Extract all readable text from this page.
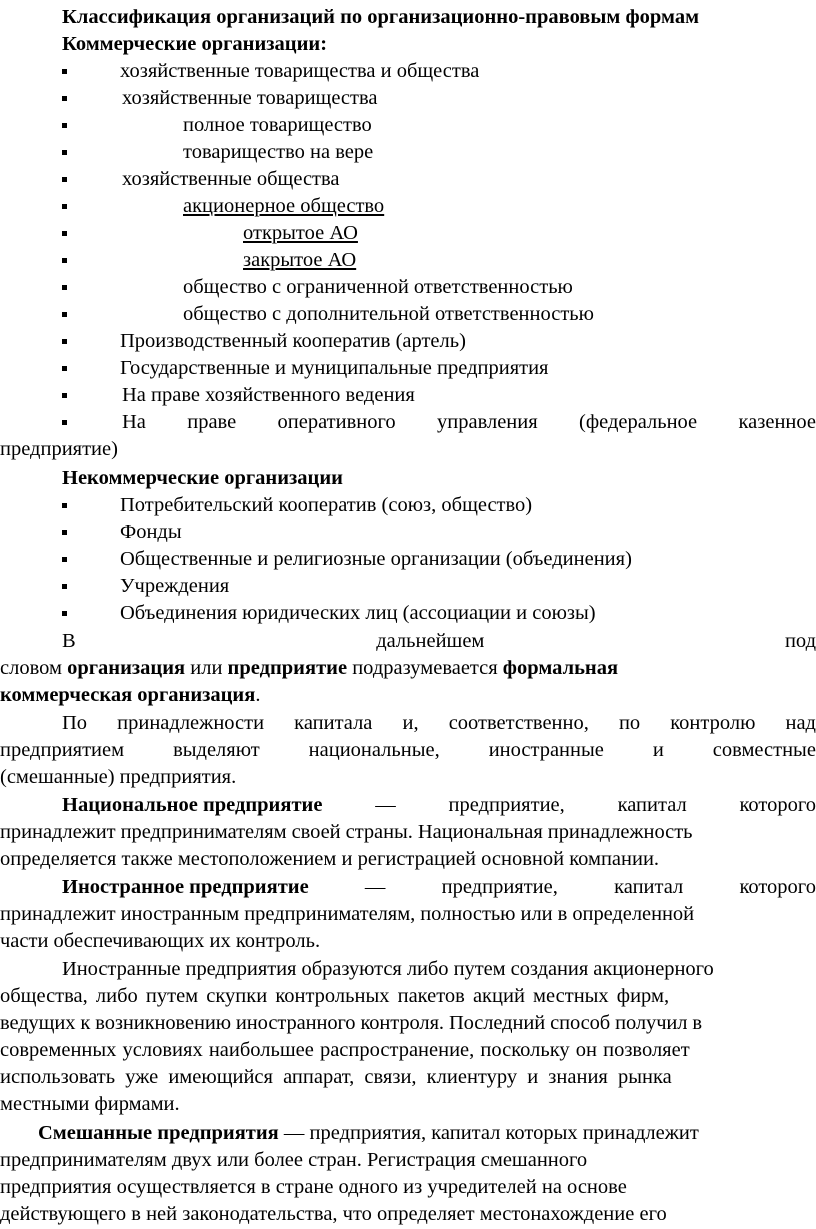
Классификация организаций по организационно-правовым формам
Коммерческие организации:
хозяйственные товарищества и общества
хозяйственные товарищества
полное товарищество
товарищество на вере
хозяйственные общества
акционерное общество
открытое АО
закрытое АО
общество с ограниченной ответственностью
общество с дополнительной ответственностью
Производственный кооператив (артель)
Государственные и муниципальные предприятия
На праве хозяйственного ведения
На праве оперативного управления (федеральное казенное
предприятие)
Некоммерческие организации
Потребительский кооператив (союз, общество)
Фонды
Общественные и религиозные организации (объединения)
Учреждения
Объединения юридических лиц (ассоциации и союзы)
В	дальнейшем	под
словом организация или предприятие подразумевается формальная
коммерческая организация.
По принадлежности капитала и, соответственно, по контролю над
предприятием выделяют национальные, иностранные и совместные
(смешанные) предприятия.
Национальное предприятие	—	предприятие,	капитал	которого
принадлежит предпринимателям своей страны. Национальная принадлежность
определяется также местоположением и регистрацией основной компании.
Иностранное предприятие	—	предприятие,	капитал	которого
принадлежит иностранным предпринимателям, полностью или в определенной
части обеспечивающих их контроль.
Иностранные предприятия образуются либо путем создания акционерного
общества, либо путем скупки контрольных пакетов акций местных фирм,
ведущих к возникновению иностранного контроля. Последний способ получил в
современных условиях наибольшее распространение, поскольку он позволяет
использовать уже имеющийся аппарат, связи, клиентуру и знания рынка
местными фирмами.
Смешанные предприятия — предприятия, капитал которых принадлежит
предпринимателям двух или более стран. Регистрация смешанного
предприятия осуществляется в стране одного из учредителей на основе
действующего в ней законодательства, что определяет местонахождение его
